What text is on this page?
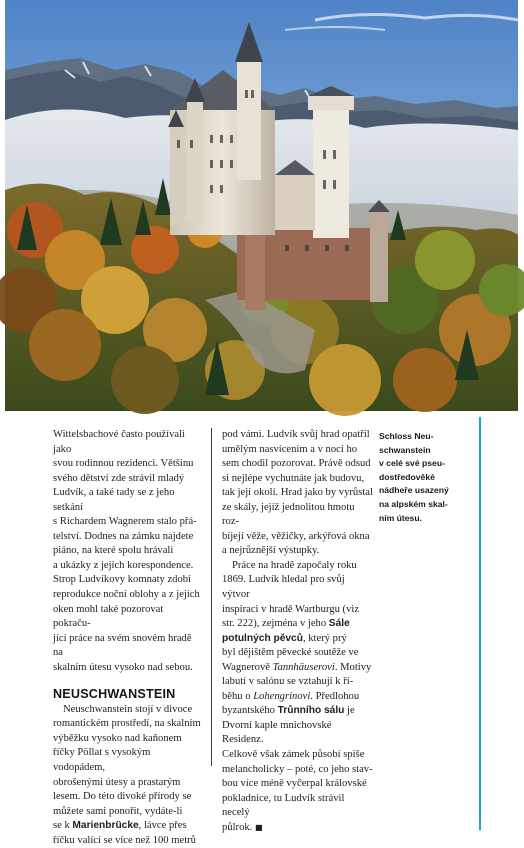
Wittelsbachové často používali jako
svou rodinnou rezidenci. Většinu
svého dětství zde strávil mladý
Ludvík, a také tady se z jeho setkání
s Richardem Wagnerem stalo přá-
telství. Dodnes na zámku najdete
piáno, na které spolu hrávali
a ukázky z jejich korespondence.
Strop Ludvíkovy komnaty zdobí
reprodukce noční oblohy a z jejích
oken mohl také pozorovat pokraču-
jící práce na svém snovém hradě na
skalním útesu vysoko nad sebou.

NEUSCHWANSTEIN

Neuschwanstein stojí v divoce
romantickém prostředí, na skalním
výběžku vysoko nad kaňonem
říčky Pöllat s vysokým vodopádem,
obrošenými útesy a prastarým
lesem. Do této divoké přírody se
můžete sami ponořit, vydáte-li
se k Marienbrücke, lávce přes
říčku valící se více než 100 metrů

pod vámi. Ludvík svůj hrad opatřil
umělým nasvícením a v noci ho
sem chodil pozorovat. Právě odsud
si nejlépe vychutnáte jak budovu,
tak její okolí. Hrad jako by vyrůstal
ze skály, jejíž jednolitou hmotu roz-
bíjejí věže, věžičky, arkýřová okna
a nejrůznější výstupky.

Práce na hradě započaly roku
1869. Ludvík hledal pro svůj výtvor
inspiraci v hradě Wartburgu (viz
str. 222), zejména v jeho Sále
potulných pěvců, který prý
byl dějištěm pěvecké soutěže ve
Wagnerově Tannhäuserovi. Motivy
labutí v salónu se vztahují k ří-
běhu o Lohengrinovi. Předlohou
byzantského Trůnního sálu je
Dvorní kaple mnichovské Residenz.
Celkově však zámek působí spíše
melancholicky – poté, co jeho stav-
bou více méně vyčerpal královské
pokladnice, tu Ludvík strávil necelý
půlrok. ■

Schloss Neu-
schwanstein
v celé své pseu-
dostředověké
nádheře usazený
na alpském skal-
ním útesu.
